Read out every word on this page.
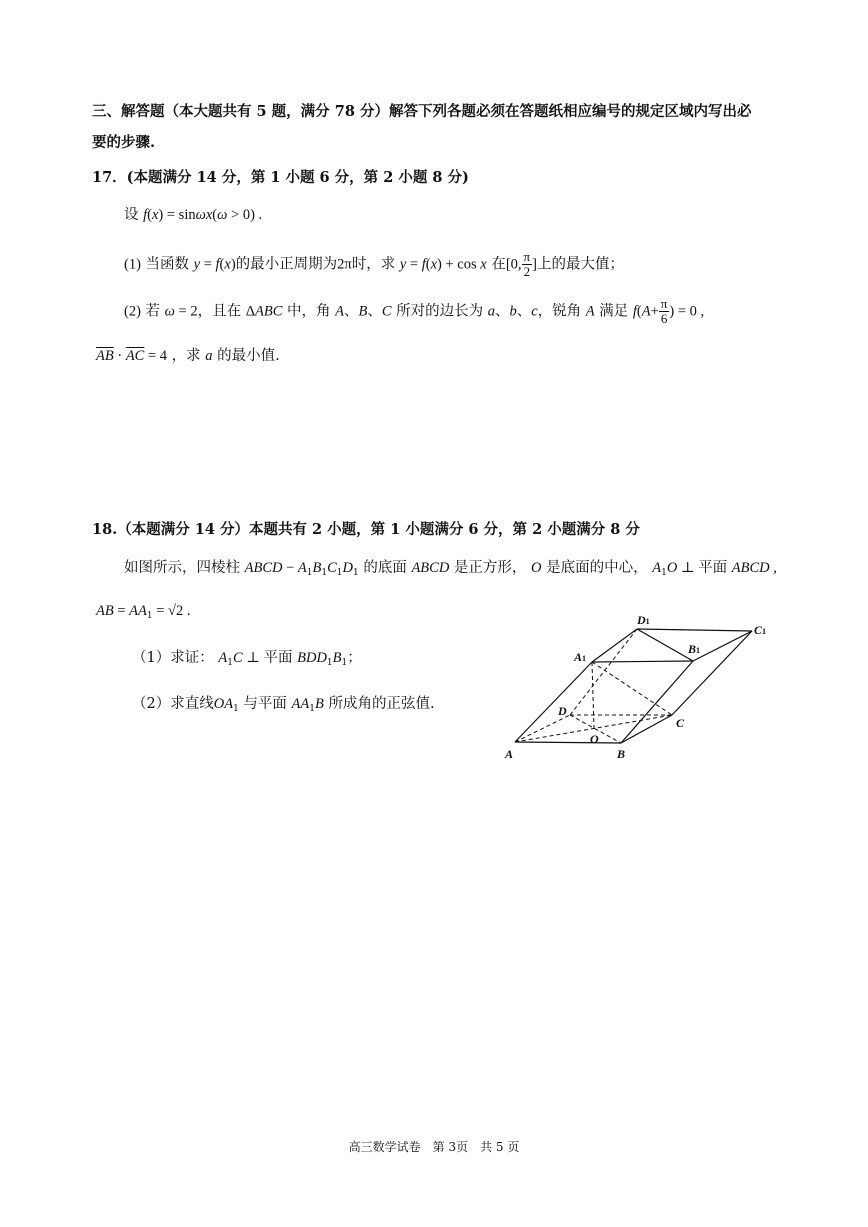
三、解答题（本大题共有 5 题，满分 78 分）解答下列各题必须在答题纸相应编号的规定区域内写出必
要的步骤.
17．(本题满分 14 分，第 1 小题 6 分，第 2 小题 8 分)
设 f(x) = sinωx(ω > 0) .
(1) 当函数 y = f(x)的最小正周期为2π时，求 y = f(x) + cos x 在[0, $\frac{\pi}{2}$ ]上的最大值；
(2) 若 ω = 2，且在 ΔABC 中，角 A、B、C 所对的边长为 a、b、c，锐角 A 满足 $f(A+ \frac{\pi}{6}$ ) = 0 ,
$\overline{AB} \cdot \overline{AC} = 4$ ，求 a 的最小值.
18.（本题满分 14 分）本题共有 2 小题，第 1 小题满分 6 分，第 2 小题满分 8 分
如图所示，四棱柱 ABCD − $A_1B_1C_1D_1$ 的底面 ABCD 是正方形， O 是底面的中心， $A_1O$ ⊥ 平面 ABCD ,
AB = $AA_1 = √2$ .
（1）求证： $A_1C$ ⊥ 平面 $BDD_1B_1$；
（2）求直线$OA_1$ 与平面 $AA_1B$ 所成角的正弦值.
D1
C1
A1
B1
A	B
D
O
C
高三数学试卷　第 3页　共 5 页
